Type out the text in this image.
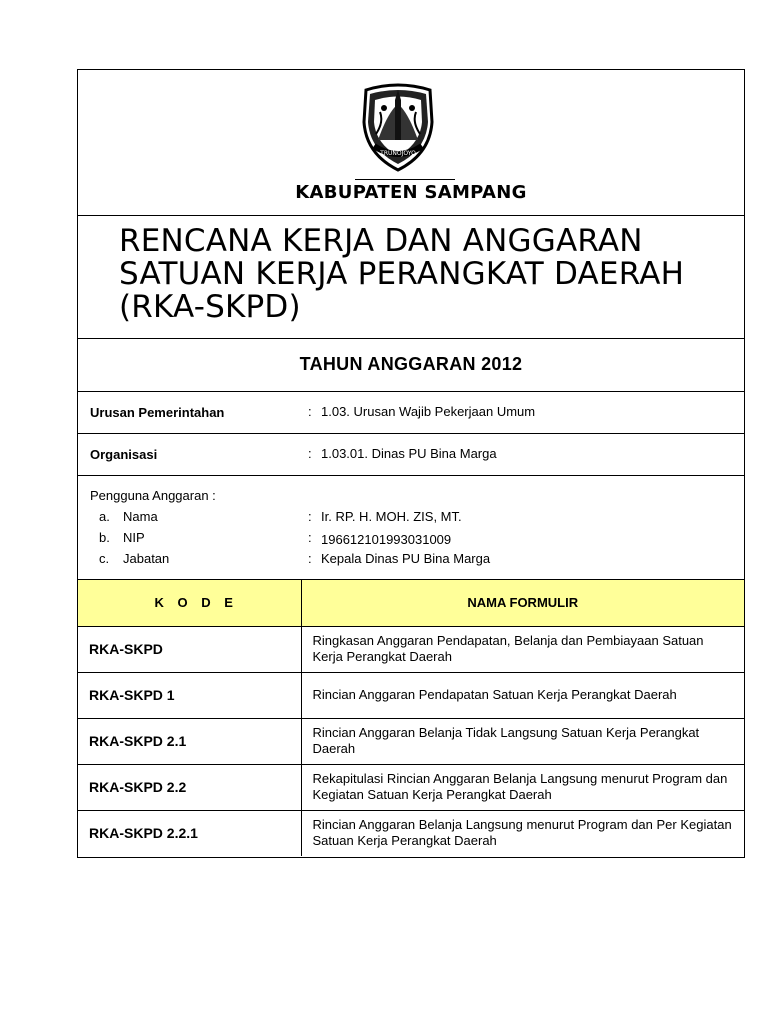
TRUNOJOYO
KABUPATEN SAMPANG
RENCANA KERJA DAN ANGGARAN
SATUAN KERJA PERANGKAT DAERAH
(RKA-SKPD)
TAHUN ANGGARAN 2012
Urusan Pemerintahan	: 1.03. Urusan Wajib Pekerjaan Umum
Organisasi	: 1.03.01. Dinas PU Bina Marga
Pengguna Anggaran :
a. Nama	: Ir. RP. H. MOH. ZIS, MT.
b. NIP	: 196612101993031009
c. Jabatan	: Kepala Dinas PU Bina Marga
K O D E	NAMA FORMULIR
RKA-SKPD	Ringkasan Anggaran Pendapatan, Belanja dan Pembiayaan Satuan Kerja Perangkat Daerah
RKA-SKPD 1	Rincian Anggaran Pendapatan Satuan Kerja Perangkat Daerah
RKA-SKPD 2.1	Rincian Anggaran Belanja Tidak Langsung Satuan Kerja Perangkat Daerah
RKA-SKPD 2.2	Rekapitulasi Rincian Anggaran Belanja Langsung menurut Program dan Kegiatan Satuan Kerja Perangkat Daerah
RKA-SKPD 2.2.1	Rincian Anggaran Belanja Langsung menurut Program dan Per Kegiatan Satuan Kerja Perangkat Daerah
